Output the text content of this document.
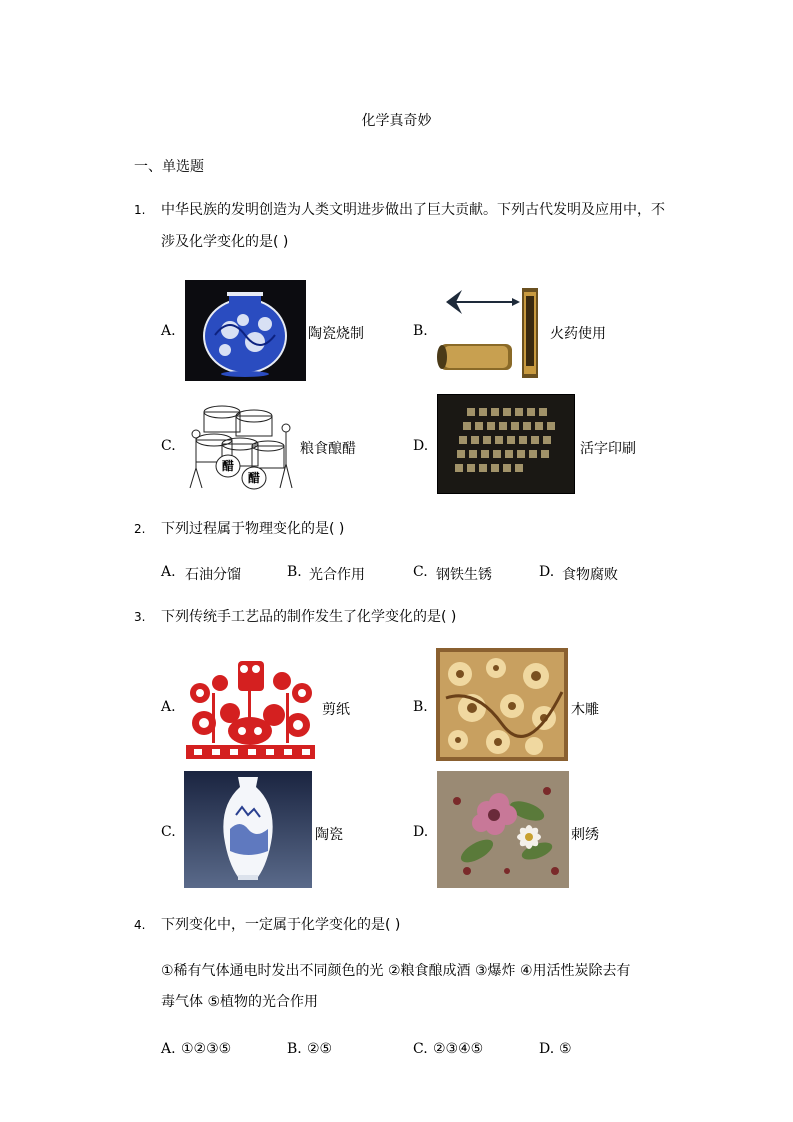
化学真奇妙
一、单选题
1. 中华民族的发明创造为人类文明进步做出了巨大贡献。下列古代发明及应用中，不
涉及化学变化的是( )
A.	陶瓷烧制	B.	火药使用
C.
醋
醋
粮食酿醋	D.	活字印刷
2. 下列过程属于物理变化的是( )
A. 石油分馏	B. 光合作用	C. 钢铁生锈	D. 食物腐败
3. 下列传统手工艺品的制作发生了化学变化的是( )
A.	剪纸	B.	木雕
C.	陶瓷	D.	刺绣
4. 下列变化中，一定属于化学变化的是( )
①稀有气体通电时发出不同颜色的光 ②粮食酿成酒 ③爆炸 ④用活性炭除去有
毒气体 ⑤植物的光合作用
A. ①②③⑤	B. ②⑤	C. ②③④⑤	D. ⑤
